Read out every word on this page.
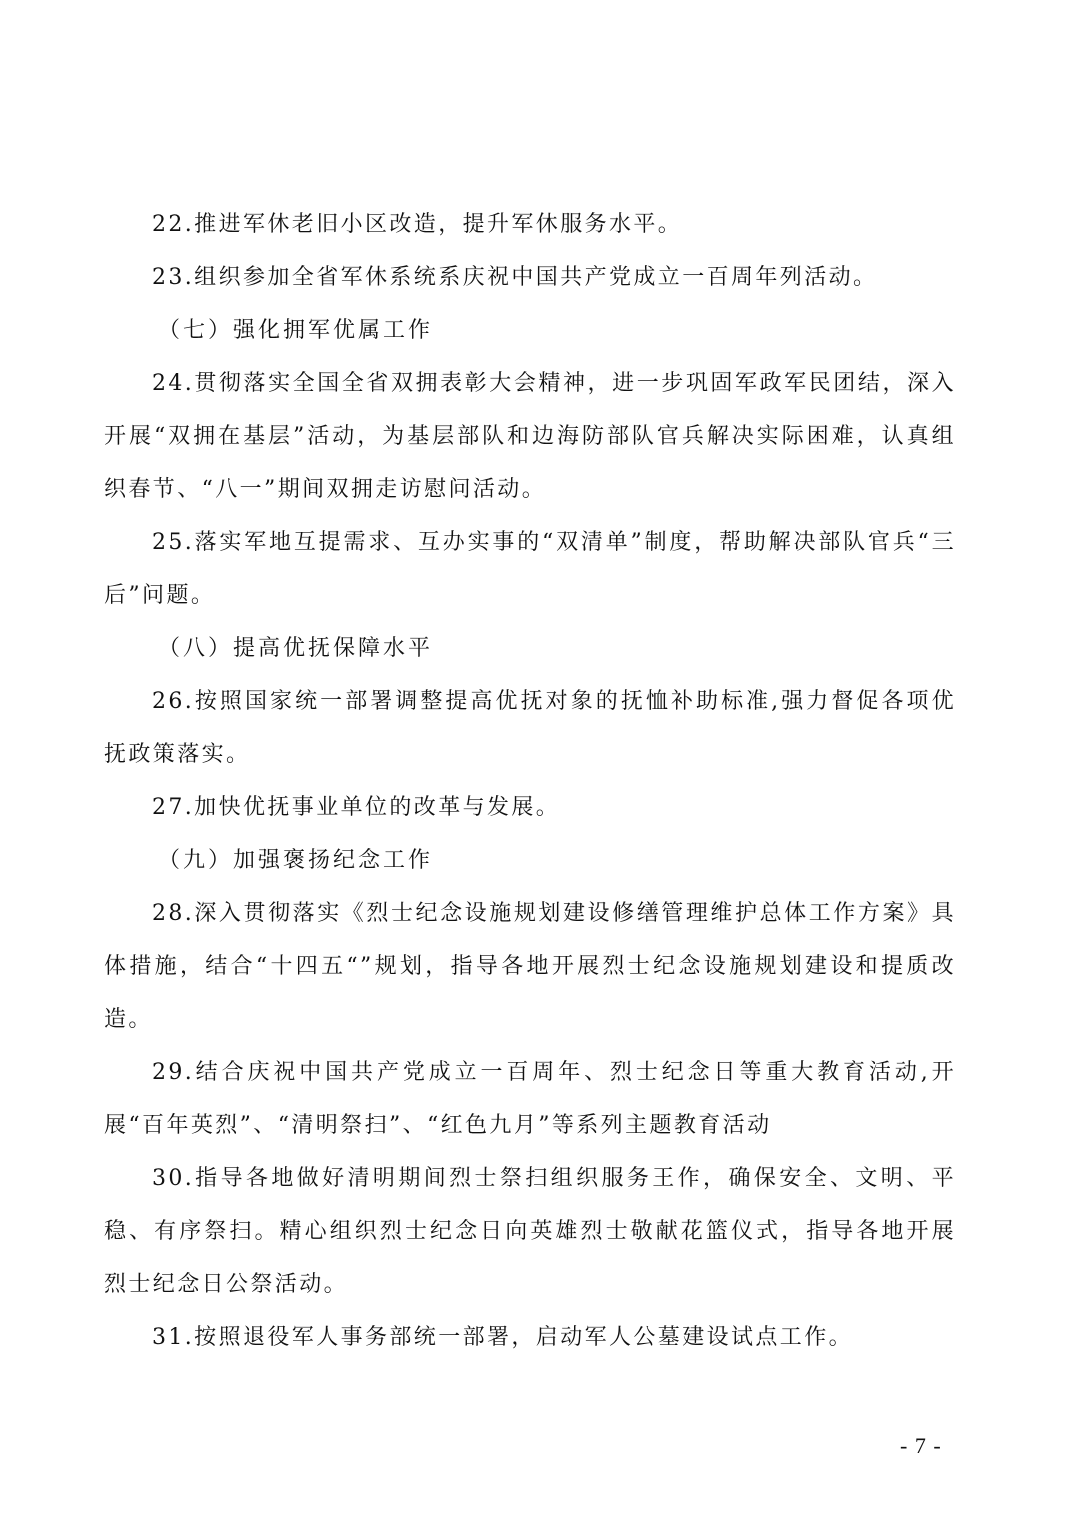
22.推进军休老旧小区改造，提升军休服务水平。

23.组织参加全省军休系统系庆祝中国共产党成立一百周年列活动。

（七）强化拥军优属工作

24.贯彻落实全国全省双拥表彰大会精神，进一步巩固军政军民团结，深入开展“双拥在基层”活动，为基层部队和边海防部队官兵解决实际困难，认真组织春节、“八一”期间双拥走访慰问活动。

25.落实军地互提需求、互办实事的“双清单”制度，帮助解决部队官兵“三后”问题。

（八）提高优抚保障水平

26.按照国家统一部署调整提高优抚对象的抚恤补助标准,强力督促各项优抚政策落实。

27.加快优抚事业单位的改革与发展。

（九）加强褒扬纪念工作

28.深入贯彻落实《烈士纪念设施规划建设修缮管理维护总体工作方案》具体措施，结合“十四五“”规划，指导各地开展烈士纪念设施规划建设和提质改造。

29.结合庆祝中国共产党成立一百周年、烈士纪念日等重大教育活动,开展“百年英烈”、“清明祭扫”、“红色九月”等系列主题教育活动

30.指导各地做好清明期间烈士祭扫组织服务王作，确保安全、文明、平稳、有序祭扫。精心组织烈士纪念日向英雄烈士敬献花篮仪式，指导各地开展烈士纪念日公祭活动。

31.按照退役军人事务部统一部署，启动军人公墓建设试点工作。

- 7 -
